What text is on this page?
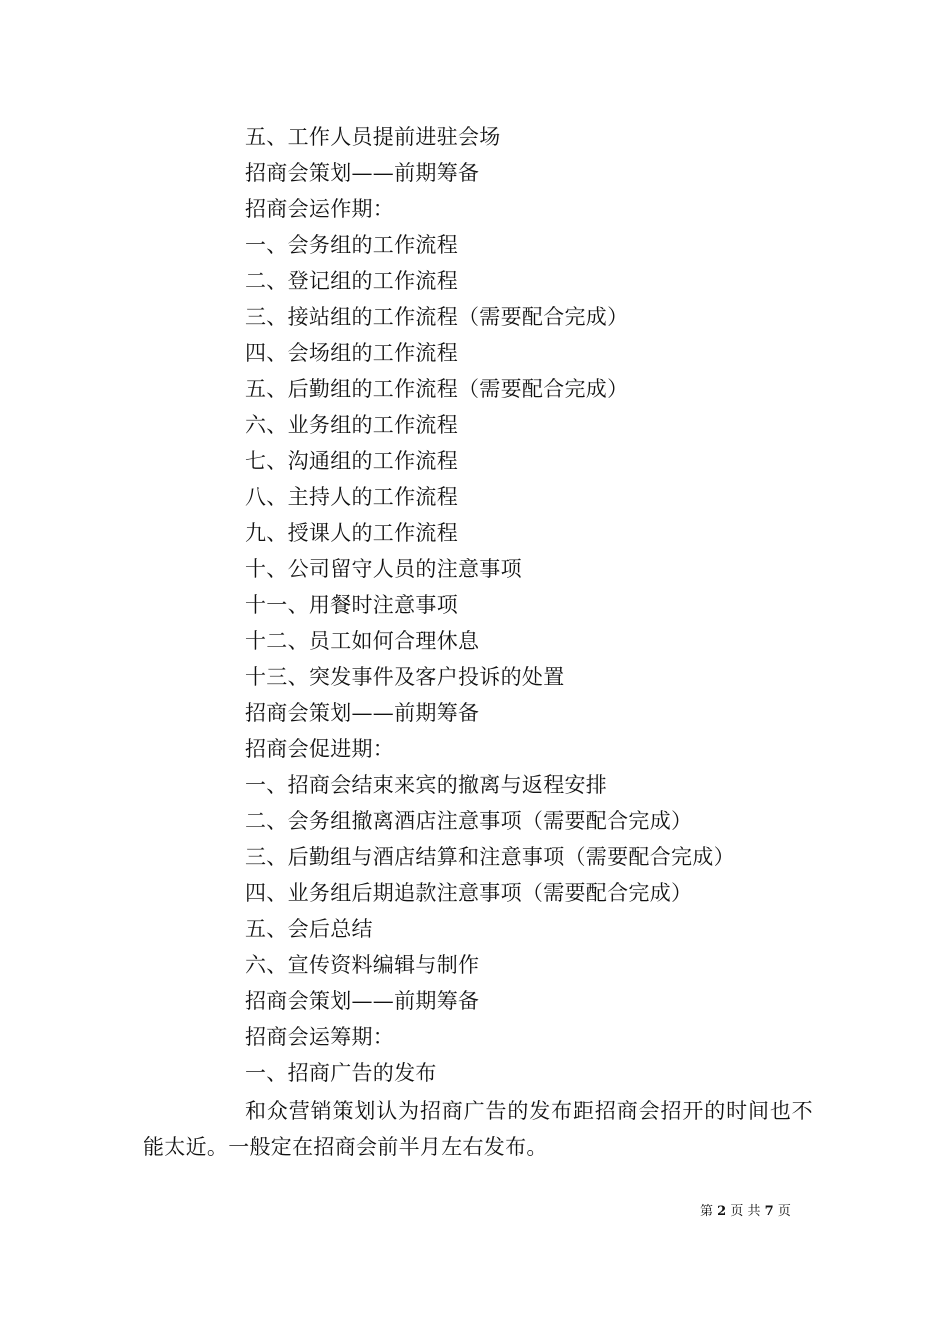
五、工作人员提前进驻会场
招商会策划——前期筹备
招商会运作期：
一、会务组的工作流程
二、登记组的工作流程
三、接站组的工作流程（需要配合完成）
四、会场组的工作流程
五、后勤组的工作流程（需要配合完成）
六、业务组的工作流程
七、沟通组的工作流程
八、主持人的工作流程
九、授课人的工作流程
十、公司留守人员的注意事项
十一、用餐时注意事项
十二、员工如何合理休息
十三、突发事件及客户投诉的处置
招商会策划——前期筹备
招商会促进期：
一、招商会结束来宾的撤离与返程安排
二、会务组撤离酒店注意事项（需要配合完成）
三、后勤组与酒店结算和注意事项（需要配合完成）
四、业务组后期追款注意事项（需要配合完成）
五、会后总结
六、宣传资料编辑与制作
招商会策划——前期筹备
招商会运筹期：
一、招商广告的发布

和众营销策划认为招商广告的发布距招商会招开的时间也不能太近。一般定在招商会前半月左右发布。

第 2 页 共 7 页
